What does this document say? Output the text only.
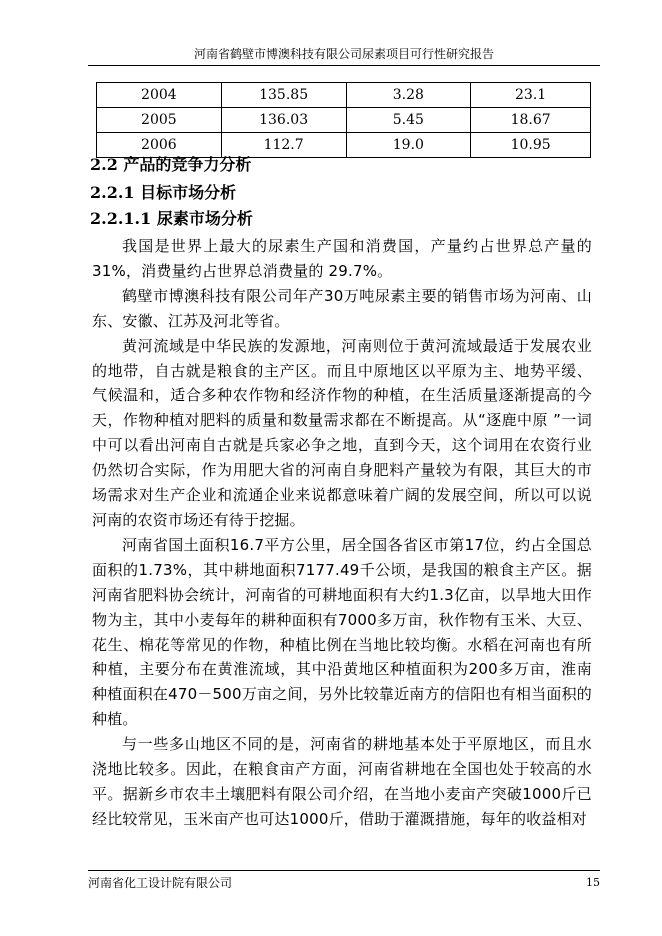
河南省鹤壁市博澳科技有限公司尿素项目可行性研究报告
2004	135.85	3.28	23.1
2005	136.03	5.45	18.67
2006	112.7	19.0	10.95
2.2 产品的竞争力分析
2.2.1 目标市场分析
2.2.1.1 尿素市场分析

我国是世界上最大的尿素生产国和消费国，产量约占世界总产量的 31%，消费量约占世界总消费量的 29.7%。

鹤壁市博澳科技有限公司年产30万吨尿素主要的销售市场为河南、山东、安徽、江苏及河北等省。

黄河流域是中华民族的发源地，河南则位于黄河流域最适于发展农业的地带，自古就是粮食的主产区。而且中原地区以平原为主、地势平缓、气候温和，适合多种农作物和经济作物的种植，在生活质量逐渐提高的今天，作物种植对肥料的质量和数量需求都在不断提高。从“逐鹿中原 ”一词中可以看出河南自古就是兵家必争之地，直到今天，这个词用在农资行业仍然切合实际，作为用肥大省的河南自身肥料产量较为有限，其巨大的市场需求对生产企业和流通企业来说都意味着广阔的发展空间，所以可以说河南的农资市场还有待于挖掘。

河南省国土面积16.7平方公里，居全国各省区市第17位，约占全国总面积的1.73%，其中耕地面积7177.49千公顷，是我国的粮食主产区。据河南省肥料协会统计，河南省的可耕地面积有大约1.3亿亩，以旱地大田作物为主，其中小麦每年的耕种面积有7000多万亩，秋作物有玉米、大豆、花生、棉花等常见的作物，种植比例在当地比较均衡。水稻在河南也有所种植，主要分布在黄淮流域，其中沿黄地区种植面积为200多万亩，淮南种植面积在470－500万亩之间，另外比较靠近南方的信阳也有相当面积的种植。

与一些多山地区不同的是，河南省的耕地基本处于平原地区，而且水浇地比较多。因此，在粮食亩产方面，河南省耕地在全国也处于较高的水平。据新乡市农丰土壤肥料有限公司介绍，在当地小麦亩产突破1000斤已经比较常见，玉米亩产也可达1000斤，借助于灌溉措施，每年的收益相对

河南省化工设计院有限公司	15
